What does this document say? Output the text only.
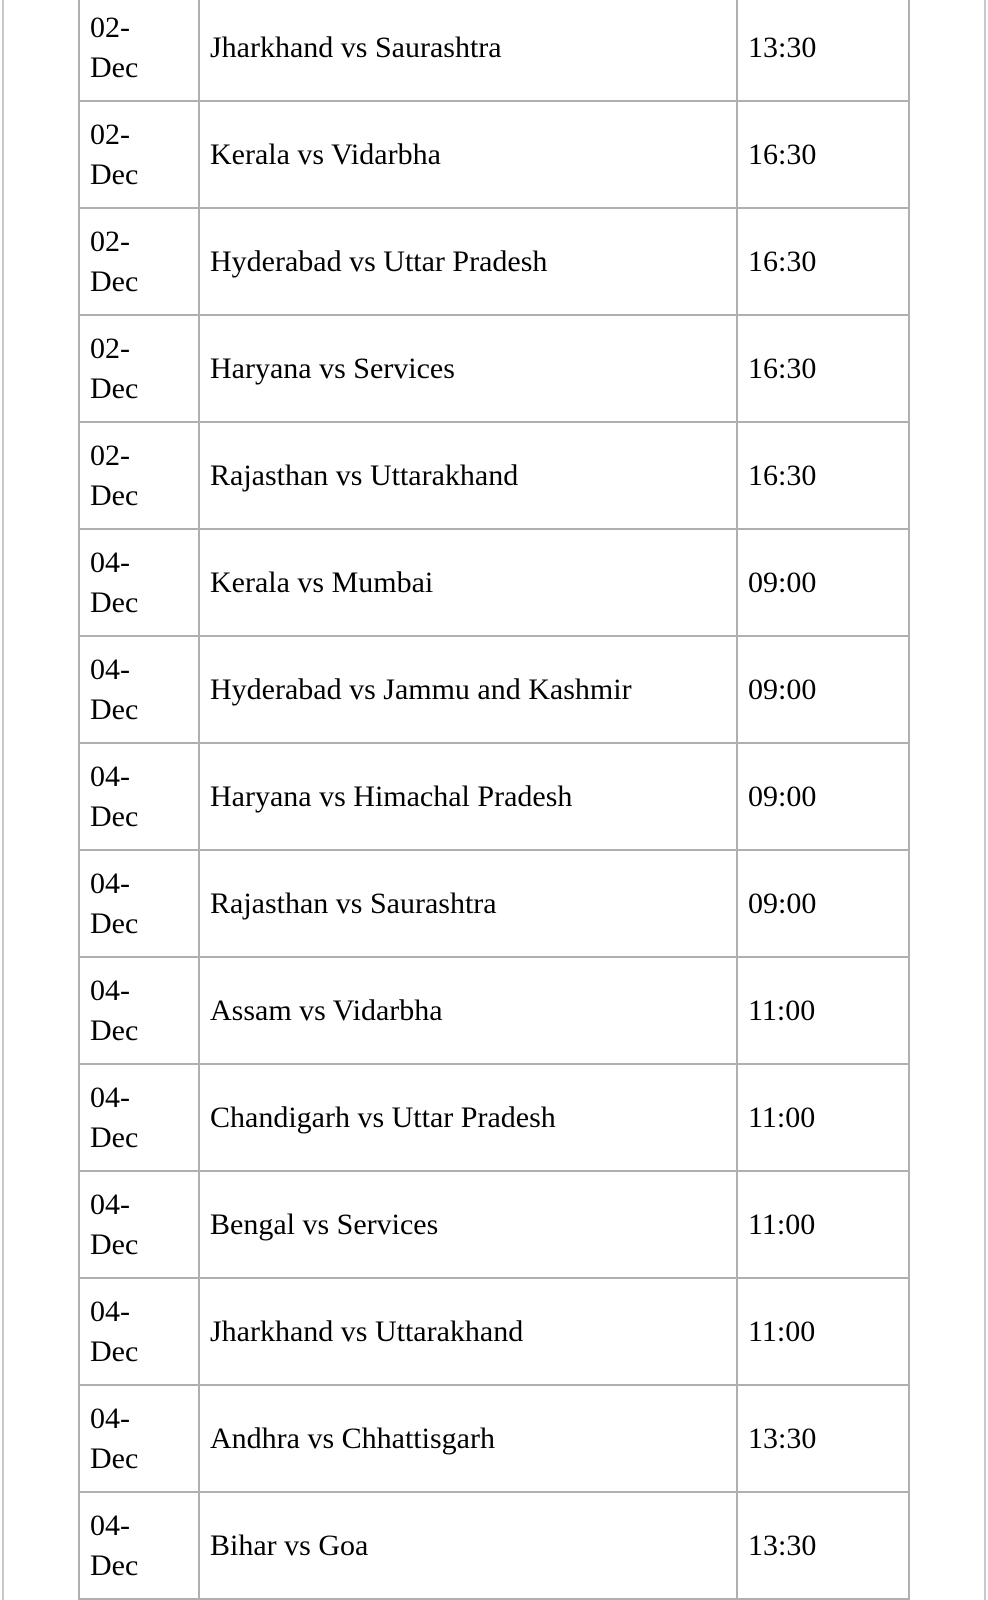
02-Dec	Jharkhand vs Saurashtra	13:30
02-Dec	Kerala vs Vidarbha	16:30
02-Dec	Hyderabad vs Uttar Pradesh	16:30
02-Dec	Haryana vs Services	16:30
02-Dec	Rajasthan vs Uttarakhand	16:30
04-Dec	Kerala vs Mumbai	09:00
04-Dec	Hyderabad vs Jammu and Kashmir	09:00
04-Dec	Haryana vs Himachal Pradesh	09:00
04-Dec	Rajasthan vs Saurashtra	09:00
04-Dec	Assam vs Vidarbha	11:00
04-Dec	Chandigarh vs Uttar Pradesh	11:00
04-Dec	Bengal vs Services	11:00
04-Dec	Jharkhand vs Uttarakhand	11:00
04-Dec	Andhra vs Chhattisgarh	13:30
04-Dec	Bihar vs Goa	13:30
